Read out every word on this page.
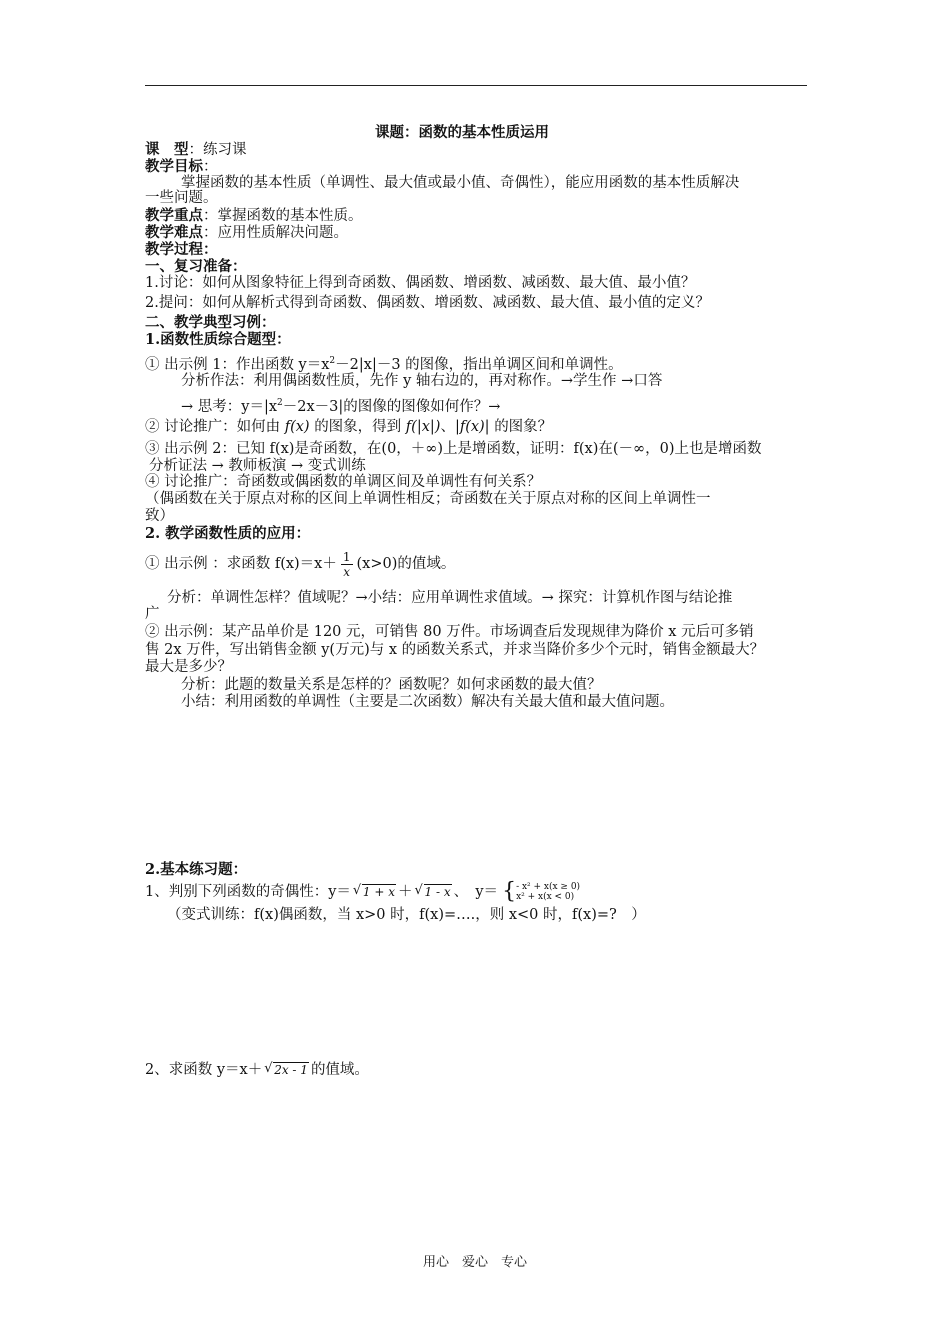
课题：函数的基本性质运用
课　型：练习课
教学目标：
掌握函数的基本性质（单调性、最大值或最小值、奇偶性），能应用函数的基本性质解决
一些问题。
教学重点：掌握函数的基本性质。
教学难点：应用性质解决问题。
教学过程：
一、复习准备：
1.讨论：如何从图象特征上得到奇函数、偶函数、增函数、减函数、最大值、最小值？
2.提问：如何从解析式得到奇函数、偶函数、增函数、减函数、最大值、最小值的定义？
二、教学典型习例：
1.函数性质综合题型：
① 出示例 1：作出函数 $y=x^2-2|x|-3$ 的图像，指出单调区间和单调性。
分析作法：利用偶函数性质，先作 y 轴右边的，再对称作。→学生作 →口答
→ 思考：$y=|x^2-2x-3|$的图像的图像如何作？→
② 讨论推广：如何由 f(x) 的图象，得到 f(|x|)、|f(x)| 的图象？
③ 出示例 2：已知 f(x)是奇函数，在(0，＋∞)上是增函数，证明：f(x)在(－∞，0)上也是增函数
分析证法 → 教师板演 → 变式训练
④ 讨论推广：奇函数或偶函数的单调区间及单调性有何关系？
（偶函数在关于原点对称的区间上单调性相反；奇函数在关于原点对称的区间上单调性一
致）
2. 教学函数性质的应用：
① 出示例 ：求函数 $f(x)=x+ \frac{1}{x} (x>0)$的值域。
分析：单调性怎样？值域呢？→小结：应用单调性求值域。→ 探究：计算机作图与结论推
广
② 出示例：某产品单价是 120 元，可销售 80 万件。市场调查后发现规律为降价 x 元后可多销
售 2x 万件，写出销售金额 y(万元)与 x 的函数关系式，并求当降价多少个元时，销售金额最大？
最大是多少？
分析：此题的数量关系是怎样的？函数呢？如何求函数的最大值？
小结：利用函数的单调性（主要是二次函数）解决有关最大值和最大值问题。
2.基本练习题：
1、判别下列函数的奇偶性：y＝ √ 1 + x ＋ √ 1 - x 、　y＝ {- x² + x(x ≥ 0)
x² + x(x < 0)
（变式训练：f(x)偶函数，当 x>0 时，f(x)=….，则 x<0 时，f(x)=?　）
2、求函数 y＝x＋ √ 2x - 1 的值域。
用心　爱心　专心
